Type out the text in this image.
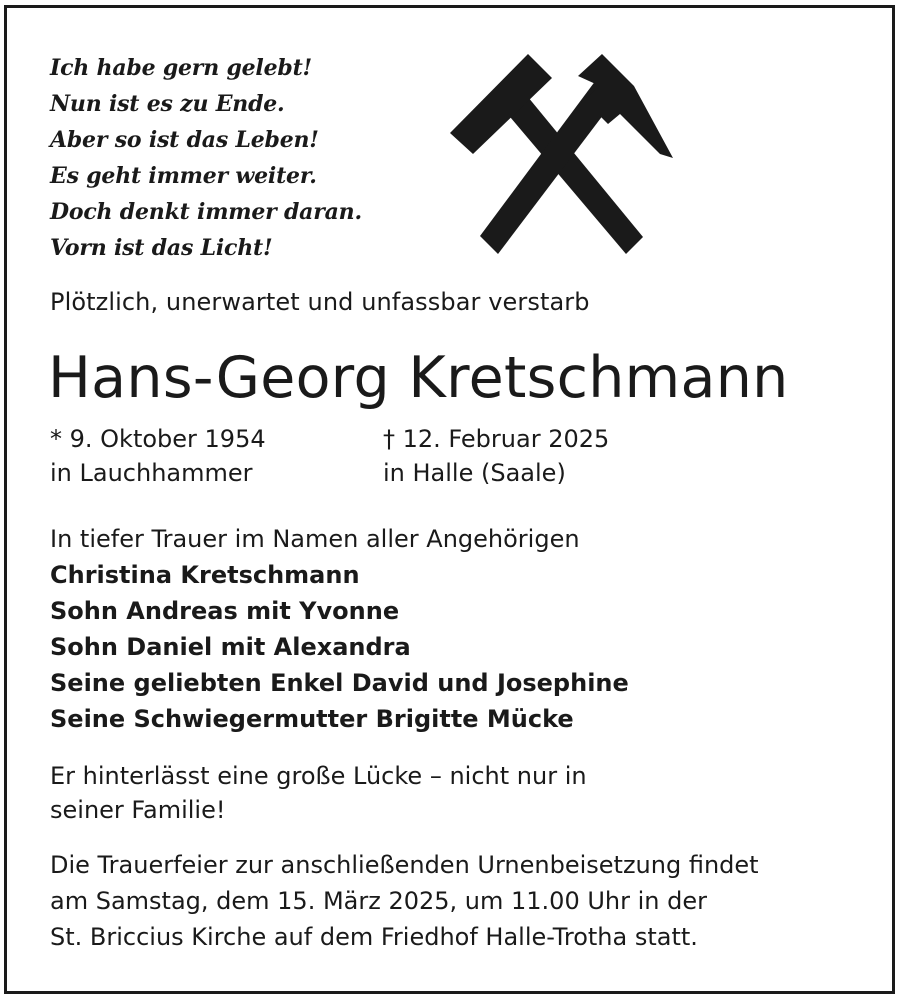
Ich habe gern gelebt!
Nun ist es zu Ende.
Aber so ist das Leben!
Es geht immer weiter.
Doch denkt immer daran.
Vorn ist das Licht!
Plötzlich, unerwartet und unfassbar verstarb
Hans-Georg Kretschmann
* 9. Oktober 1954
in Lauchhammer
† 12. Februar 2025
in Halle (Saale)
In tiefer Trauer im Namen aller Angehörigen
Christina Kretschmann
Sohn Andreas mit Yvonne
Sohn Daniel mit Alexandra
Seine geliebten Enkel David und Josephine
Seine Schwiegermutter Brigitte Mücke
Er hinterlässt eine große Lücke – nicht nur in
seiner Familie!
Die Trauerfeier zur anschließenden Urnenbeisetzung findet
am Samstag, dem 15. März 2025, um 11.00 Uhr in der
St. Briccius Kirche auf dem Friedhof Halle-Trotha statt.
